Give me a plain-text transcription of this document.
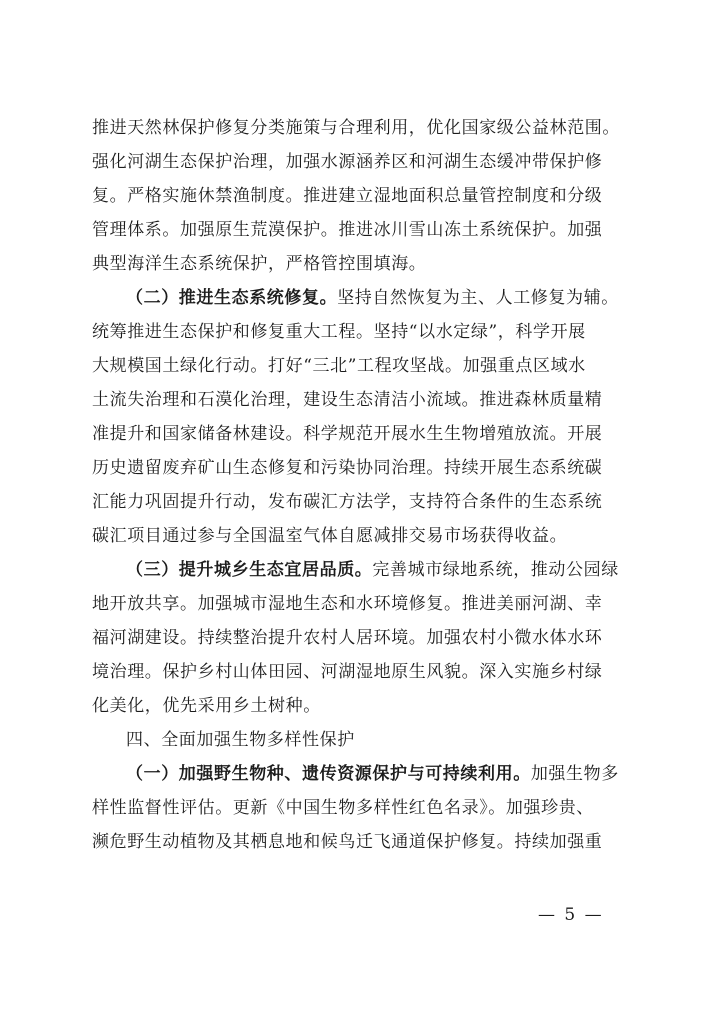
推进天然林保护修复分类施策与合理利用，优化国家级公益林范围。
强化河湖生态保护治理，加强水源涵养区和河湖生态缓冲带保护修
复。严格实施休禁渔制度。推进建立湿地面积总量管控制度和分级
管理体系。加强原生荒漠保护。推进冰川雪山冻土系统保护。加强
典型海洋生态系统保护，严格管控围填海。
（二）推进生态系统修复。坚持自然恢复为主、人工修复为辅。
统筹推进生态保护和修复重大工程。坚持“以水定绿”，科学开展
大规模国土绿化行动。打好“三北”工程攻坚战。加强重点区域水
土流失治理和石漠化治理，建设生态清洁小流域。推进森林质量精
准提升和国家储备林建设。科学规范开展水生生物增殖放流。开展
历史遗留废弃矿山生态修复和污染协同治理。持续开展生态系统碳
汇能力巩固提升行动，发布碳汇方法学，支持符合条件的生态系统
碳汇项目通过参与全国温室气体自愿减排交易市场获得收益。
（三）提升城乡生态宜居品质。完善城市绿地系统，推动公园绿
地开放共享。加强城市湿地生态和水环境修复。推进美丽河湖、幸
福河湖建设。持续整治提升农村人居环境。加强农村小微水体水环
境治理。保护乡村山体田园、河湖湿地原生风貌。深入实施乡村绿
化美化，优先采用乡土树种。
四、全面加强生物多样性保护
（一）加强野生物种、遗传资源保护与可持续利用。加强生物多
样性监督性评估。更新《中国生物多样性红色名录》。加强珍贵、
濒危野生动植物及其栖息地和候鸟迁飞通道保护修复。持续加强重
— 5 —
